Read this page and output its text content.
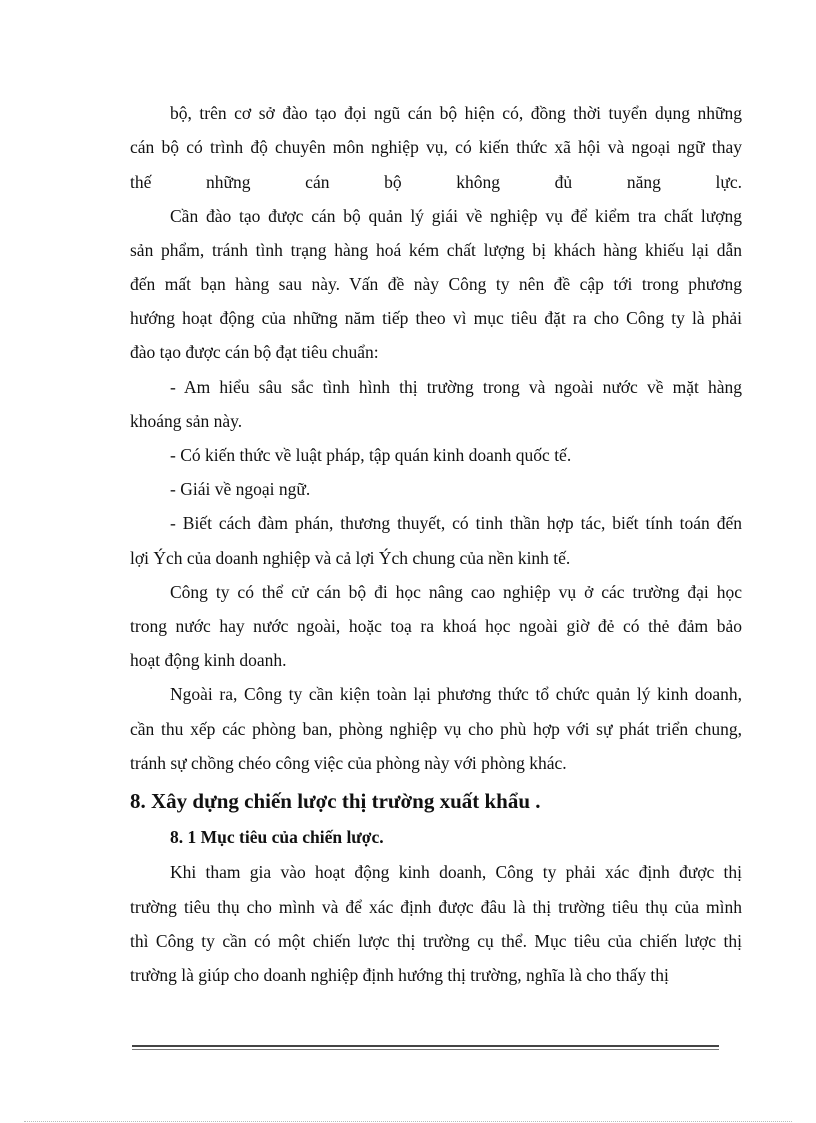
bộ, trên cơ sở đào tạo đọi ngũ cán bộ hiện có, đồng thời tuyển dụng những
cán bộ có trình độ chuyên môn nghiệp vụ, có kiến thức xã hội và ngoại ngữ thay
thế những cán bộ không đủ năng lực.
Cần đào tạo được cán bộ quản lý giái về nghiệp vụ để kiểm tra chất lượng
sản phẩm, tránh tình trạng hàng hoá kém chất lượng bị khách hàng khiếu lại dẫn
đến mất bạn hàng sau này. Vấn đề này Công ty nên đề cập tới trong phương
hướng hoạt động của những năm tiếp theo vì mục tiêu đặt ra cho Công ty là phải
đào tạo được cán bộ đạt tiêu chuẩn:
- Am hiểu sâu sắc tình hình thị trường trong và ngoài nước về mặt hàng
khoáng sản này.
- Có kiến thức về luật pháp, tập quán kinh doanh quốc tế.
- Giái về ngoại ngữ.
- Biết cách đàm phán, thương thuyết, có tinh thần hợp tác, biết tính toán đến
lợi Ých của doanh nghiệp và cả lợi Ých chung của nền kinh tế.
Công ty có thể cử cán bộ đi học nâng cao nghiệp vụ ở các trường đại học
trong nước hay nước ngoài, hoặc toạ ra khoá học ngoài giờ đẻ có thẻ đảm bảo
hoạt động kinh doanh.
Ngoài ra, Công ty cần kiện toàn lại phương thức tổ chức quản lý kinh doanh,
cần thu xếp các phòng ban, phòng nghiệp vụ cho phù hợp với sự phát triển chung,
tránh sự chồng chéo công việc của phòng này với phòng khác.
8. Xây dựng chiến lược thị trường xuất khẩu .
8. 1 Mục tiêu của chiến lược.
Khi tham gia vào hoạt động kinh doanh, Công ty phải xác định được thị
trường tiêu thụ cho mình và để xác định được đâu là thị trường tiêu thụ của mình
thì Công ty cần có một chiến lược thị trường cụ thể. Mục tiêu của chiến lược thị
trường là giúp cho doanh nghiệp định hướng thị trường, nghĩa là cho thấy thị
